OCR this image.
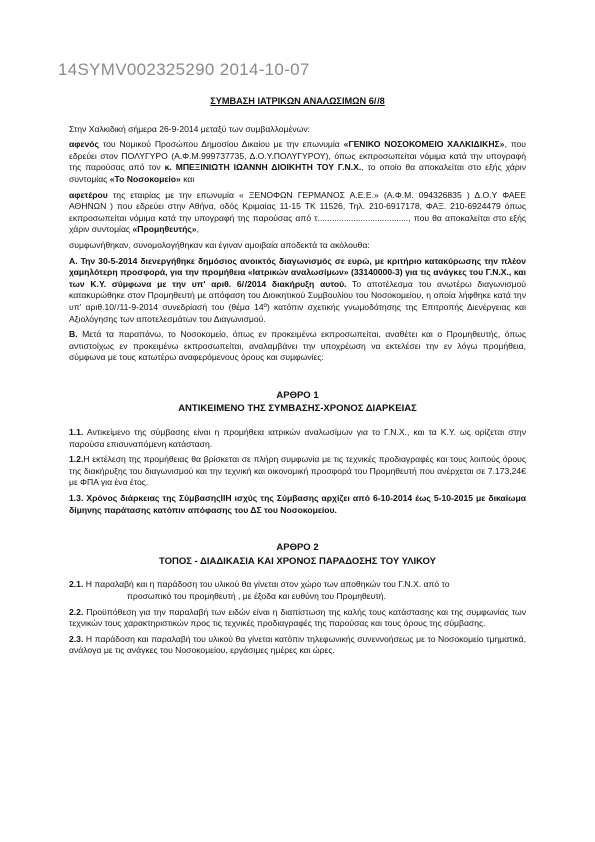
14SYMV002325290 2014-10-07
ΣΥΜΒΑΣΗ ΙΑΤΡΙΚΩΝ ΑΝΑΛΩΣΙΜΩΝ 6/ /8

Στην Χαλκιδική σήμερα 26-9-2014 μεταξύ των συμβαλλομένων:

αφενός του Νομικού Προσώπου Δημοσίου Δικαίου με την επωνυμία «ΓΕΝΙΚΟ ΝΟΣΟΚΟΜΕΙΟ ΧΑΛΚΙΔΙΚΗΣ», που εδρεύει στον ΠΟΛΥΓΥΡΟ (Α.Φ.Μ.999737735, Δ.Ο.Υ.ΠΟΛΥΓΥΡΟΥ), όπως εκπροσωπείται νόμιμα κατά την υπογραφή της παρούσας από τον κ. ΜΠΕΞΙΝΙΩΤΗ ΙΩΑΝΝΗ ΔΙΟΙΚΗΤΗ ΤΟΥ Γ.Ν.Χ., το οποίο θα αποκαλείται στο εξής χάριν συντομίας «Το Νοσοκομείο» και

αφετέρου της εταιρίας με την επωνυμία « ΞΕΝΟΦΩΝ ΓΕΡΜΑΝΟΣ Α.Ε.Ε.» (Α.Φ.Μ. 094326835 ) Δ.Ο.Υ ΦΑΕΕ ΑΘΗΝΩΝ ) που εδρεύει στην Αθήνα, οδός Κριμαίας 11-15 ΤΚ 11526, Τηλ. 210-6917178, ΦΑΞ. 210-6924479 όπως εκπροσωπείται νόμιμα κατά την υπογραφή της παρούσας από τ......................................, που θα αποκαλείται στο εξής χάριν συντομίας «Προμηθευτής»,

συμφωνήθηκαν, συνομολογήθηκαν και έγιναν αμοιβαία αποδεκτά τα ακόλουθα:

Α. Την 30-5-2014 διενεργήθηκε δημόσιος ανοικτός διαγωνισμός σε ευρώ, με κριτήριο κατακύρωσης την πλέον χαμηλότερη προσφορά, για την προμήθεια «Ιατρικών αναλωσίμων» (33140000-3) για τις ανάγκες του Γ.Ν.Χ., και των Κ.Υ. σύμφωνα με την υπ' αριθ. 6/ /2014 διακήρυξη αυτού. Το αποτέλεσμα του ανωτέρω διαγωνισμού κατακυρώθηκε στον Προμηθευτή με απόφαση του Διοικητικού Συμβουλίου του Νοσοκομείου, η οποία λήφθηκε κατά την υπ' αριθ.10/ /11-9-2014 συνεδρίασή του (θέμα 14º) κατόπιν σχετικής γνωμοδότησης της Επιτροπής Διενέργειας και Αξιολόγησης των αποτελεσμάτων του Διαγωνισμού.

Β. Μετά τα παραπάνω, το Νοσοκομείο, όπως εν προκειμένω εκπροσωπείται, αναθέτει και ο Προμηθευτής, όπως αντιστοίχως εν προκειμένω εκπροσωπείται, αναλαμβάνει την υποχρέωση να εκτελέσει την εν λόγω προμήθεια, σύμφωνα με τους κατωτέρω αναφερόμενους όρους και συμφωνίες:

ΑΡΘΡΟ 1
ΑΝΤΙΚΕΙΜΕΝΟ ΤΗΣ ΣΥΜΒΑΣΗΣ-ΧΡΟΝΟΣ ΔΙΑΡΚΕΙΑΣ

1.1. Αντικείμενο της σύμβασης είναι η προμήθεια ιατρικών αναλωσίμων για το Γ.Ν.Χ., και τα Κ.Υ. ως ορίζεται στην παρούσα επισυναπόμενη κατάσταση.

1.2.Η εκτέλεση της προμήθειας θα βρίσκεται σε πλήρη συμφωνία με τις τεχνικές προδιαγραφές και τους λοιπούς όρους της διακήρυξης του διαγωνισμού και την τεχνική και οικονομική προσφορά του Προμηθευτή που ανέρχεται σε 7.173,24€ με ΦΠΑ για ένα έτος.

1.3. Χρόνος διάρκειας της ΣύμβασηςΙΙΗ ισχύς της Σύμβασης αρχίζει από 6-10-2014 έως 5-10-2015 με δικαίωμα δίμηνης παράτασης κατόπιν απόφασης του ΔΣ του Νοσοκομείου.

ΑΡΘΡΟ 2
ΤΟΠΟΣ - ΔΙΑΔΙΚΑΣΙΑ ΚΑΙ ΧΡΟΝΟΣ ΠΑΡΑΔΟΣΗΣ ΤΟΥ ΥΛΙΚΟΥ

2.1. Η παραλαβή και η παράδοση του υλικού θα γίνεται στον χώρο των αποθηκών του Γ.Ν.Χ. από το

προσωπικό του προμηθευτή , με έξοδα και ευθύνη του Προμηθευτή.

2.2. Προϋπόθεση για την παραλαβή των ειδών είναι η διαπίστωση της καλής τους κατάστασης και της συμφωνίας των τεχνικών τους χαρακτηριστικών προς τις τεχνικές προδιαγραφές της παρούσας και τους όρους της σύμβασης.

2.3. Η παράδοση και παραλαβή του υλικού θα γίνεται κατόπιν τηλεφωνικής συνεννοήσεως με το Νοσοκομείο τμηματικά, ανάλογα με τις ανάγκες του Νοσοκομείου, εργάσιμες ημέρες και ώρες.
